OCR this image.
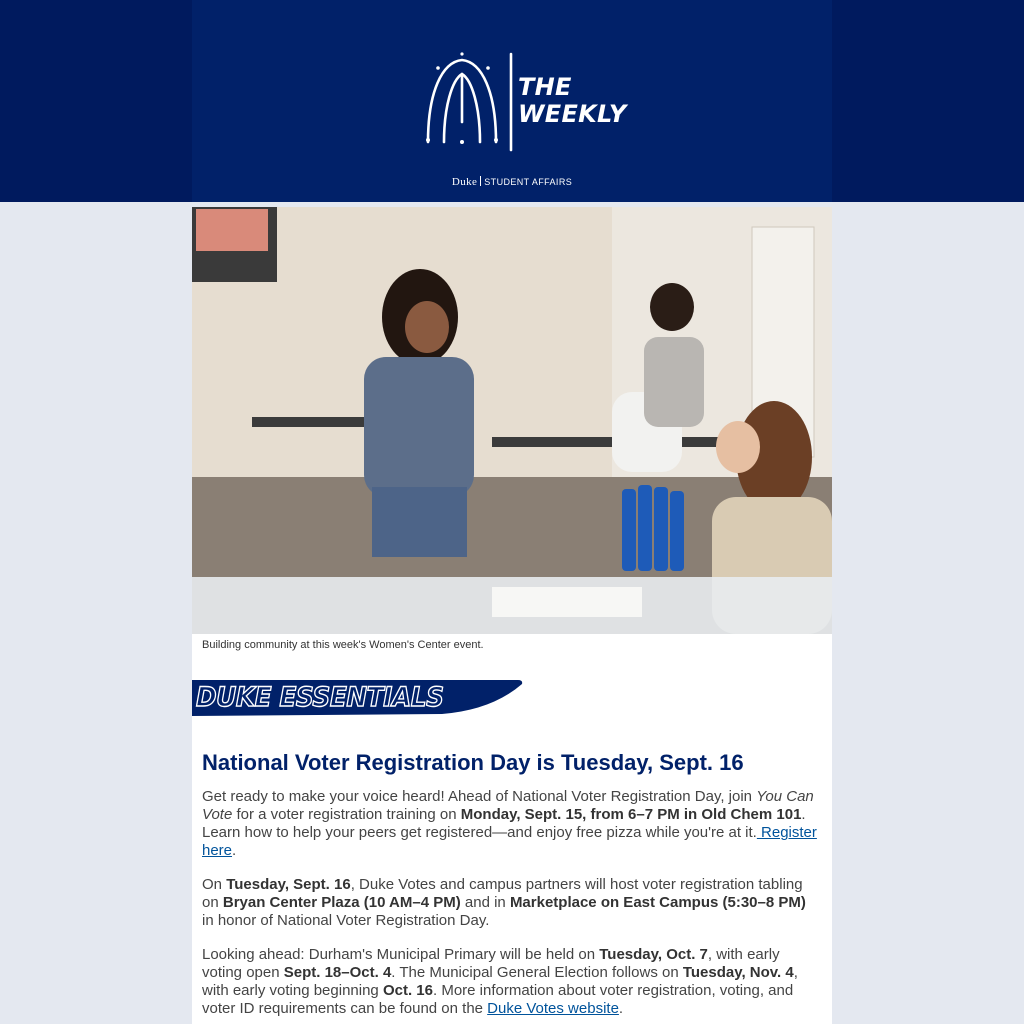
THE
WEEKLY
Duke STUDENT AFFAIRS
Building community at this week's Women's Center event.
DUKE ESSENTIALS
National Voter Registration Day is Tuesday, Sept. 16

Get ready to make your voice heard! Ahead of National Voter Registration Day, join You Can Vote for a voter registration training on Monday, Sept. 15, from 6–7 PM in Old Chem 101. Learn how to help your peers get registered—and enjoy free pizza while you're at it. Register here.

On Tuesday, Sept. 16, Duke Votes and campus partners will host voter registration tabling on Bryan Center Plaza (10 AM–4 PM) and in Marketplace on East Campus (5:30–8 PM) in honor of National Voter Registration Day.

Looking ahead: Durham's Municipal Primary will be held on Tuesday, Oct. 7, with early voting open Sept. 18–Oct. 4. The Municipal General Election follows on Tuesday, Nov. 4, with early voting beginning Oct. 16. More information about voter registration, voting, and voter ID requirements can be found on the Duke Votes website.
